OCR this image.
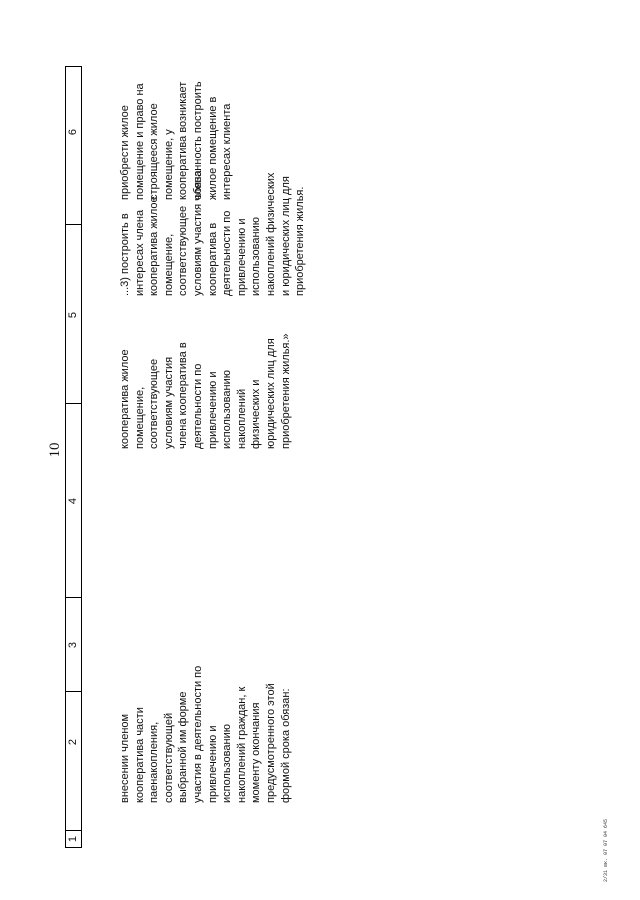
10
1
2
3
4
5
6
внесении членом
кооператива части
паенакопления,
соответствующей
выбранной им форме
участия в деятельности по
привлечению и
использованию
накоплений граждан, к
моменту окончания
предусмотренного этой
формой срока обязан:
кооператива жилое
помещение,
соответствующее
условиям участия
члена кооператива в
деятельности по
привлечению и
использованию
накоплений
физических и
юридических лиц для
приобретения жилья.»
...3) построить в
интересах члена
кооператива жилое
помещение,
соответствующее
условиям участия члена
кооператива в
деятельности по
привлечению и
использованию
накоплений физических
и юридических лиц для
приобретения жилья.
приобрести жилое
помещение и право на
строящееся жилое
помещение, у
кооператива возникает
обязанность построить
жилое помещение в
интересах клиента
2/31 вк. 07 07 04 645
